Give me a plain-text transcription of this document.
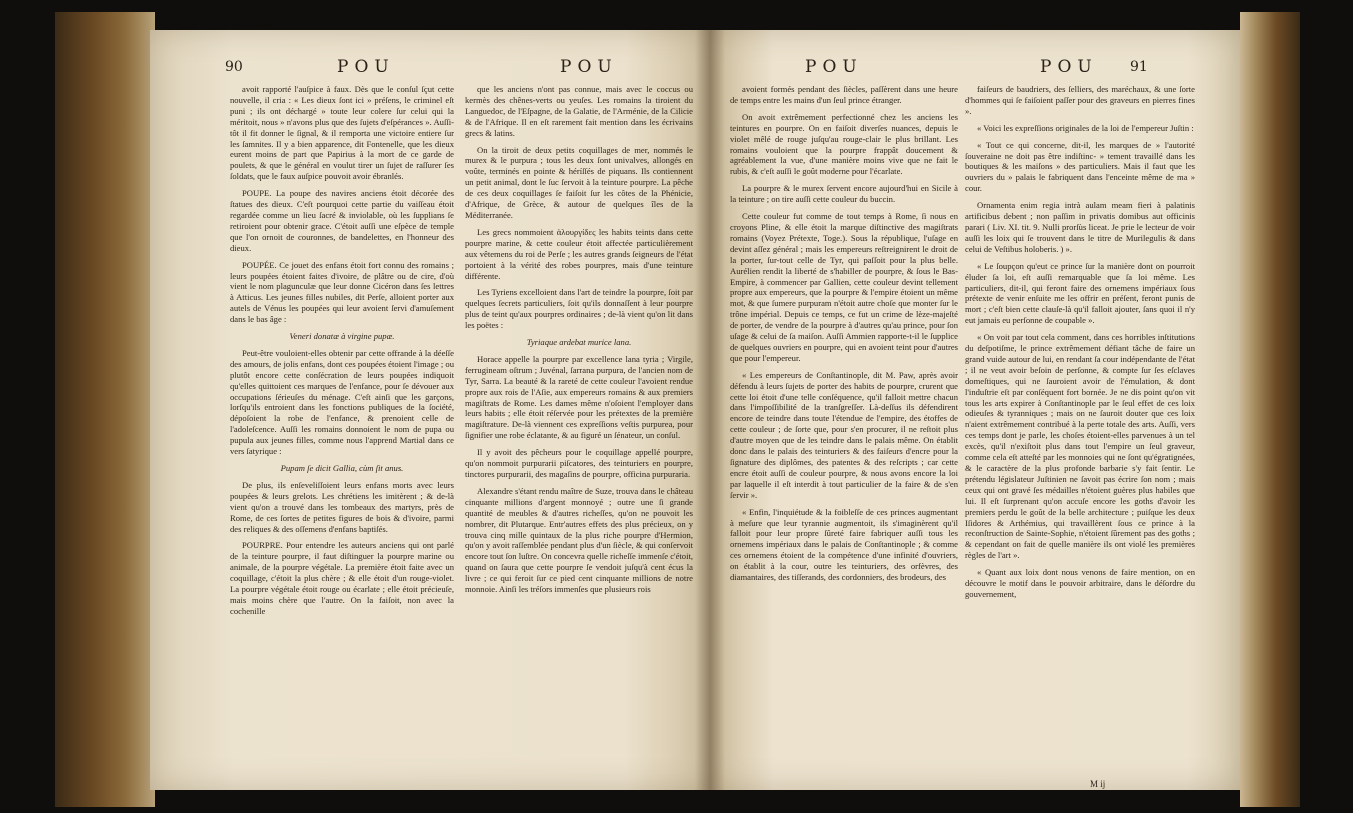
90	POU	POU

avoit rapporté l'auſpice à faux. Dès que le conſul ſçut cette nouvelle, il cria : « Les dieux ſont ici » préſens, le criminel eſt puni ; ils ont déchargé » toute leur colere ſur celui qui la méritoit, nous » n'avons plus que des ſujets d'eſpérances ». Auſſi-tôt il fit donner le ſignal, & il remporta une victoire entiere ſur les ſamnites. Il y a bien apparence, dit Fontenelle, que les dieux eurent moins de part que Papirius à la mort de ce garde de poulets, & que le général en voulut tirer un ſujet de raſſurer ſes ſoldats, que le faux auſpice pouvoit avoir ébranlés.

POUPE. La poupe des navires anciens étoit décorée des ſtatues des dieux. C'eſt pourquoi cette partie du vaiſſeau étoit regardée comme un lieu ſacré & inviolable, où les ſupplians ſe retiroient pour obtenir grace. C'étoit auſſi une eſpèce de temple que l'on ornoit de couronnes, de bandelettes, en l'honneur des dieux.

POUPÉE. Ce jouet des enfans étoit fort connu des romains ; leurs poupées étoient faites d'ivoire, de plâtre ou de cire, d'où vient le nom plagunculæ que leur donne Cicéron dans ſes lettres à Atticus. Les jeunes filles nubiles, dit Perſe, alloient porter aux autels de Vénus les poupées qui leur avoient ſervi d'amuſement dans le bas âge :

Veneri donatæ à virgine pupæ.

Peut-être vouloient-elles obtenir par cette offrande à la déeſſe des amours, de jolis enfans, dont ces poupées étoient l'image ; ou plutôt encore cette conſécration de leurs poupées indiquoit qu'elles quittoient ces marques de l'enfance, pour ſe dévouer aux occupations ſérieuſes du ménage. C'eſt ainſi que les garçons, lorſqu'ils entroient dans les fonctions publiques de la ſociété, dépoſoient la robe de l'enfance, & prenoient celle de l'adoleſcence. Auſſi les romains donnoient le nom de pupa ou pupula aux jeunes filles, comme nous l'apprend Martial dans ce vers ſatyrique :

Pupam ſe dicit Gallia, cùm ſit anus.

De plus, ils enſeveliſſoient leurs enfans morts avec leurs poupées & leurs grelots. Les chrétiens les imitèrent ; & de-là vient qu'on a trouvé dans les tombeaux des martyrs, près de Rome, de ces ſortes de petites figures de bois & d'ivoire, parmi des reliques & des oſſemens d'enfans baptiſés.

POURPRE. Pour entendre les auteurs anciens qui ont parlé de la teinture pourpre, il faut diſtinguer la pourpre marine ou animale, de la pourpre végétale. La première étoit faite avec un coquillage, c'étoit la plus chère ; & elle étoit d'un rouge-violet. La pourpre végétale étoit rouge ou écarlate ; elle étoit précieuſe, mais moins chère que l'autre. On la faiſoit, non avec la cochenille

que les anciens n'ont pas connue, mais avec le coccus ou kermès des chênes-verts ou yeuſes. Les romains la tiroient du Languedoc, de l'Eſpagne, de la Galatie, de l'Arménie, de la Cilicie & de l'Afrique. Il en eſt rarement fait mention dans les écrivains grecs & latins.

On la tiroit de deux petits coquillages de mer, nommés le murex & le purpura ; tous les deux ſont univalves, allongés en voûte, terminés en pointe & héríſſés de piquans. Ils contiennent un petit animal, dont le ſuc ſervoit à la teinture pourpre. La pêche de ces deux coquillages ſe faiſoit ſur les côtes de la Phénicie, d'Afrique, de Grèce, & autour de quelques îles de la Méditerranée.

Les grecs nommoient ἁλουργίδες les habits teints dans cette pourpre marine, & cette couleur étoit affectée particulièrement aux vêtemens du roi de Perſe ; les autres grands ſeigneurs de l'état portoient à la vérité des robes pourpres, mais d'une teinture différente.

Les Tyriens excelloient dans l'art de teindre la pourpre, ſoit par quelques ſecrets particuliers, ſoit qu'ils donnaſſent à leur pourpre plus de teint qu'aux pourpres ordinaires ; de-là vient qu'on lit dans les poëtes :

Tyriaque ardebat murice lana.

Horace appelle la pourpre par excellence lana tyria ; Virgile, ferrugineam oſtrum ; Juvénal, ſarrana purpura, de l'ancien nom de Tyr, Sarra. La beauté & la rareté de cette couleur l'avoient rendue propre aux rois de l'Aſie, aux empereurs romains & aux premiers magiſtrats de Rome. Les dames même n'oſoient l'employer dans leurs habits ; elle étoit réſervée pour les prétextes de la première magiſtrature. De-là viennent ces expreſſions veſtis purpurea, pour ſignifier une robe éclatante, & au figuré un ſénateur, un conſul.

Il y avoit des pêcheurs pour le coquillage appellé pourpre, qu'on nommoit purpurarii piſcatores, des teinturiers en pourpre, tinctores purpurarii, des magaſins de pourpre, officina purpuraria.

Alexandre s'étant rendu maître de Suze, trouva dans le château cinquante millions d'argent monnoyé ; outre une ſi grande quantité de meubles & d'autres richeſſes, qu'on ne pouvoit les nombrer, dit Plutarque. Entr'autres effets des plus précieux, on y trouva cinq mille quintaux de la plus riche pourpre d'Hermion, qu'on y avoit raſſemblée pendant plus d'un ſiècle, & qui conſervoit encore tout ſon luſtre. On concevra quelle richeſſe immenſe c'étoit, quand on ſaura que cette pourpre ſe vendoit juſqu'à cent écus la livre ; ce qui feroit ſur ce pied cent cinquante millions de notre monnoie. Ainſi les tréſors immenſes que plusieurs rois

POU	POU 91

avoient formés pendant des ſiècles, paſſèrent dans une heure de temps entre les mains d'un ſeul prince étranger.

On avoit extrêmement perfectionné chez les anciens les teintures en pourpre. On en faiſoit diverſes nuances, depuis le violet mêlé de rouge juſqu'au rouge-clair le plus brillant. Les romains vouloient que la pourpre frappât doucement & agréablement la vue, d'une manière moins vive que ne fait le rubis, & c'eſt auſſi le goût moderne pour l'écarlate.

La pourpre & le murex ſervent encore aujourd'hui en Sicile à la teinture ; on tire auſſi cette couleur du buccin.

Cette couleur fut comme de tout temps à Rome, ſi nous en croyons Pline, & elle étoit la marque diſtinctive des magiſtrats romains (Voyez Prétexte, Toge.). Sous la république, l'uſage en devint aſſez général ; mais les empereurs reſtreignirent le droit de la porter, ſur-tout celle de Tyr, qui paſſoit pour la plus belle. Aurélien rendit la liberté de s'habiller de pourpre, & ſous le Bas-Empire, à commencer par Gallien, cette couleur devint tellement propre aux empereurs, que la pourpre & l'empire étoient un même mot, & que ſumere purpuram n'étoit autre choſe que monter ſur le trône impérial. Depuis ce temps, ce fut un crime de lèze-majeſté de porter, de vendre de la pourpre à d'autres qu'au prince, pour ſon uſage & celui de ſa maiſon. Auſſi Ammien rapporte-t-il le ſupplice de quelques ouvriers en pourpre, qui en avoient teint pour d'autres que pour l'empereur.

« Les empereurs de Conſtantinople, dit M. Paw, après avoir défendu à leurs ſujets de porter des habits de pourpre, crurent que cette loi étoit d'une telle conſéquence, qu'il falloit mettre chacun dans l'impoſſibilité de la tranſgreſſer. Là-deſſus ils défendirent encore de teindre dans toute l'étendue de l'empire, des étoffes de cette couleur ; de ſorte que, pour s'en procurer, il ne reſtoit plus d'autre moyen que de les teindre dans le palais même. On établit donc dans le palais des teinturiers & des faiſeurs d'encre pour la ſignature des diplômes, des patentes & des reſcripts ; car cette encre étoit auſſi de couleur pourpre, & nous avons encore la loi par laquelle il eſt interdit à tout particulier de la faire & de s'en ſervir ».

« Enfin, l'inquiétude & la foibleſſe de ces princes augmentant à meſure que leur tyrannie augmentoit, ils s'imaginèrent qu'il falloit pour leur propre ſûreté faire fabriquer auſſi tous les ornemens impériaux dans le palais de Conſtantinople ; & comme ces ornemens étoient de la compétence d'une infinité d'ouvriers, on établit à la cour, outre les teinturiers, des orfèvres, des diamantaires, des tiſſerands, des cordonniers, des brodeurs, des

faiſeurs de baudriers, des ſelliers, des maréchaux, & une ſorte d'hommes qui ſe faiſoient paſſer pour des graveurs en pierres fines ».

« Voici les expreſſions originales de la loi de l'empereur Juſtin :

« Tout ce qui concerne, dit-il, les marques de » l'autorité ſouveraine ne doit pas être indiſtinc- » tement travaillé dans les boutiques & les maiſons » des particuliers. Mais il faut que les ouvriers du » palais le fabriquent dans l'enceinte même de ma » cour.

Ornamenta enim regia intrà aulam meam fieri à palatinis artificibus debent ; non paſſim in privatis domibus aut officinis parari ( Liv. XI. tit. 9. Nulli prorſùs liceat. Je prie le lecteur de voir auſſi les loix qui ſe trouvent dans le titre de Murilegulis & dans celui de Veſtibus holoberis. ) ».

« Le ſoupçon qu'eut ce prince ſur la manière dont on pourroit éluder ſa loi, eſt auſſi remarquable que ſa loi même. Les particuliers, dit-il, qui feront faire des ornemens impériaux ſous prétexte de venir enſuite me les offrir en préſent, feront punis de mort ; c'eſt bien cette clauſe-là qu'il falloit ajouter, ſans quoi il n'y eut jamais eu perſonne de coupable ».

« On voit par tout cela comment, dans ces horribles inſtitutions du deſpotiſme, le prince extrêmement défiant tâche de faire un grand vuide autour de lui, en rendant ſa cour indépendante de l'état ; il ne veut avoir beſoin de perſonne, & compte ſur ſes eſclaves domeſtiques, qui ne ſauroient avoir de l'émulation, & dont l'induſtrie eſt par conſéquent fort bornée. Je ne dis point qu'on vit tous les arts expirer à Conſtantinople par le ſeul effet de ces loix odieuſes & tyranniques ; mais on ne ſauroit douter que ces loix n'aient extrêmement contribué à la perte totale des arts. Auſſi, vers ces temps dont je parle, les choſes étoient-elles parvenues à un tel excès, qu'il n'exiſtoit plus dans tout l'empire un ſeul graveur, comme cela eſt atteſté par les monnoies qui ne ſont qu'égratignées, & le caractère de la plus profonde barbarie s'y fait ſentir. Le prétendu législateur Juſtinien ne ſavoit pas écrire ſon nom ; mais ceux qui ont gravé ſes médailles n'étoient guères plus habiles que lui. Il eſt ſurprenant qu'on accuſe encore les goths d'avoir les premiers perdu le goût de la belle architecture ; puiſque les deux Iſidores & Arthémius, qui travaillèrent ſous ce prince à la reconſtruction de Sainte-Sophie, n'étoient ſûrement pas des goths ; & cependant on fait de quelle manière ils ont violé les premières règles de l'art ».

« Quant aux loix dont nous venons de faire mention, on en découvre le motif dans le pouvoir arbitraire, dans le déſordre du gouvernement,

M ij
